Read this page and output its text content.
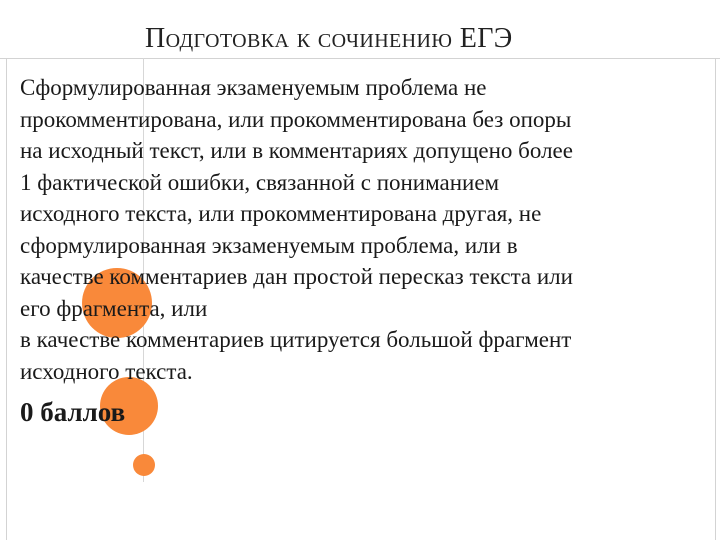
Подготовка к сочинению ЕГЭ

Сформулированная экзаменуемым проблема не
прокомментирована, или прокомментирована без опоры
на исходный текст, или в комментариях допущено более
1 фактической ошибки, связанной с пониманием
исходного текста, или прокомментирована другая, не
сформулированная экзаменуемым проблема, или в
качестве комментариев дан простой пересказ текста или
его фрагмента, или

в качестве комментариев цитируется большой фрагмент
исходного текста.

0 баллов
